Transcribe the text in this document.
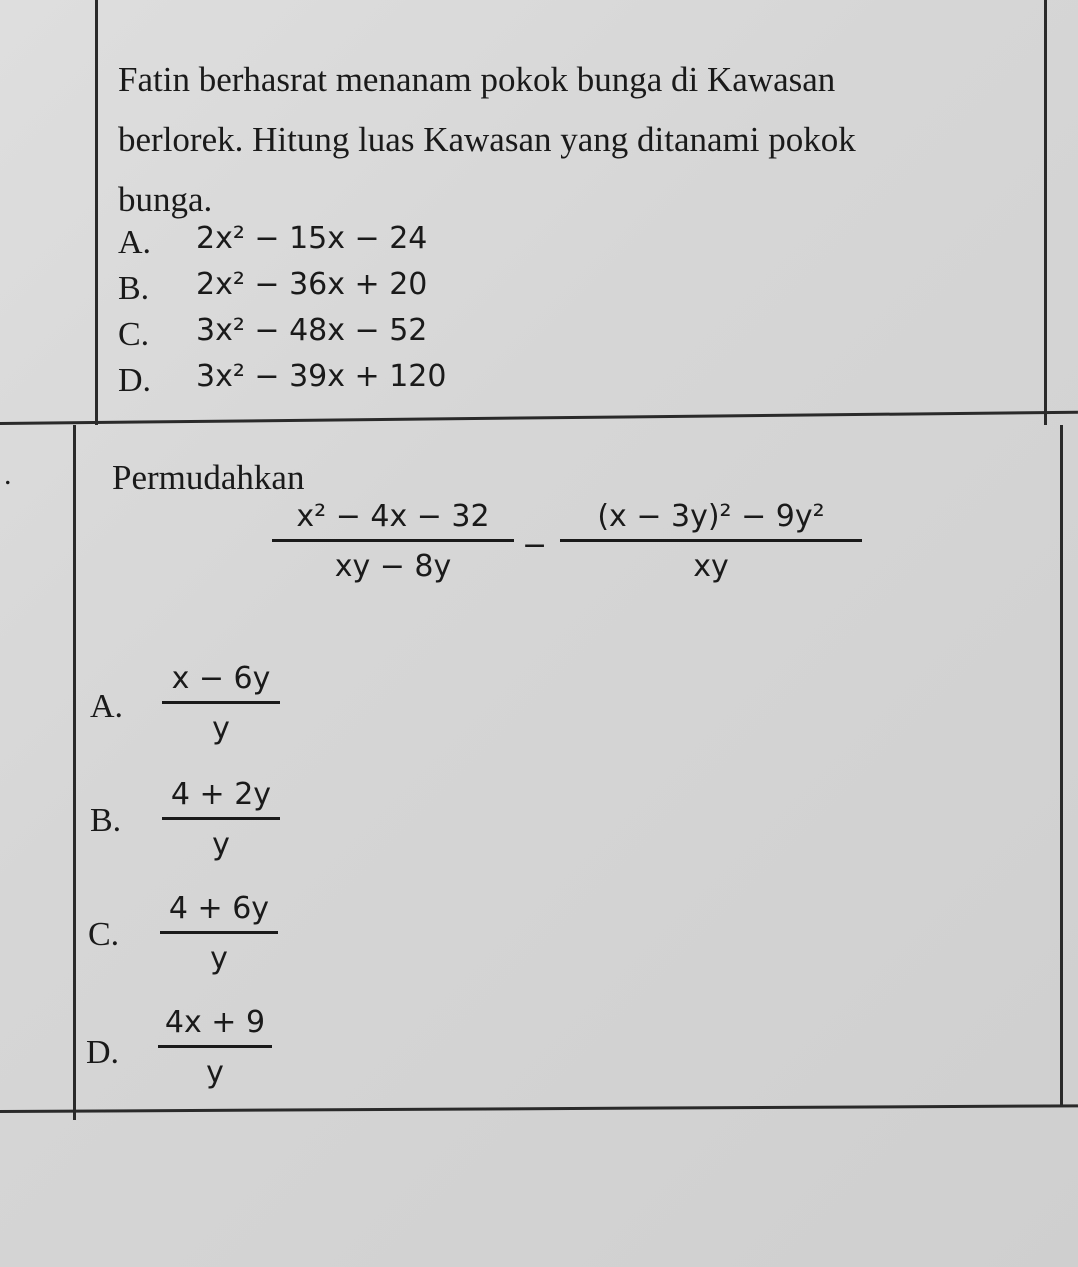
Fatin berhasrat menanam pokok bunga di Kawasan
berlorek. Hitung luas Kawasan yang ditanami pokok
bunga.
A. 2x² − 15x − 24
B. 2x² − 36x + 20
C. 3x² − 48x − 52
D. 3x² − 39x + 120
.	Permudahkan
x² − 4x − 32
xy − 8y
−
(x − 3y)² − 9y²
xy
A.
x − 6y
y
B.
4 + 2y
y
C.
4 + 6y
y
D.
4x + 9
y
